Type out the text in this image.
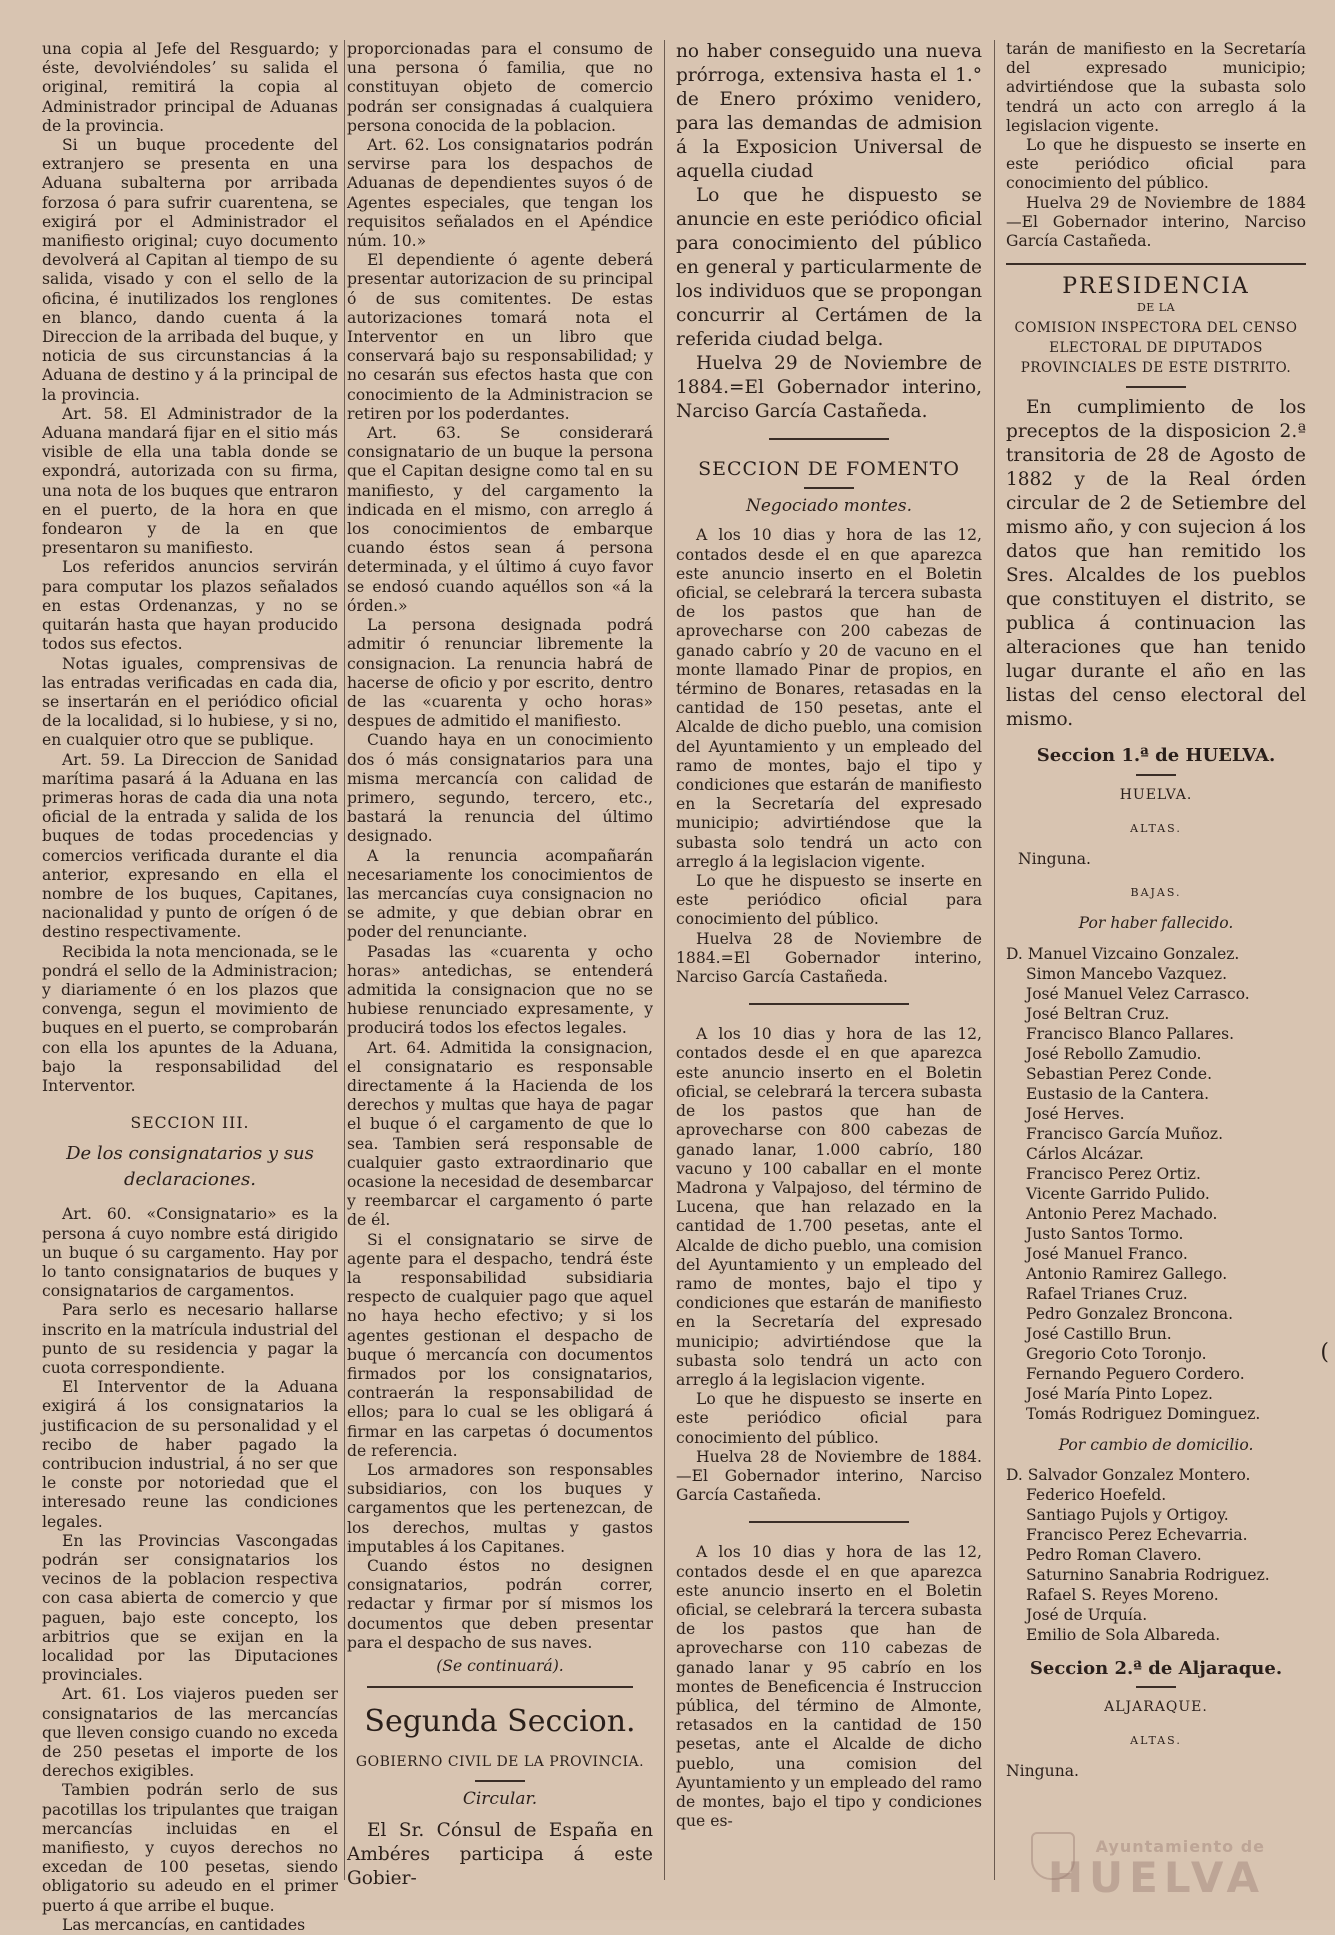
una copia al Jefe del Resguardo; y éste, devolviéndolesʼ su salida el original, remitirá la copia al Administrador principal de Aduanas de la provincia.

Si un buque procedente del extranjero se presenta en una Aduana subalterna por arribada forzosa ó para sufrir cuarentena, se exigirá por el Administrador el manifiesto original; cuyo documento devolverá al Capitan al tiempo de su salida, visado y con el sello de la oficina, é inutilizados los renglones en blanco, dando cuenta á la Direccion de la arribada del buque, y noticia de sus circunstancias á la Aduana de destino y á la principal de la provincia.

Art. 58. El Administrador de la Aduana mandará fijar en el sitio más visible de ella una tabla donde se expondrá, autorizada con su firma, una nota de los buques que entraron en el puerto, de la hora en que fondearon y de la en que presentaron su manifiesto.

Los referidos anuncios servirán para computar los plazos señalados en estas Ordenanzas, y no se quitarán hasta que hayan producido todos sus efectos.

Notas iguales, comprensivas de las entradas verificadas en cada dia, se insertarán en el periódico oficial de la localidad, si lo hubiese, y si no, en cualquier otro que se publique.

Art. 59. La Direccion de Sanidad marítima pasará á la Aduana en las primeras horas de cada dia una nota oficial de la entrada y salida de los buques de todas procedencias y comercios verificada durante el dia anterior, expresando en ella el nombre de los buques, Capitanes, nacionalidad y punto de orígen ó de destino respectivamente.

Recibida la nota mencionada, se le pondrá el sello de la Administracion; y diariamente ó en los plazos que convenga, segun el movimiento de buques en el puerto, se comprobarán con ella los apuntes de la Aduana, bajo la responsabilidad del Interventor.

SECCION III.
De los consignatarios y sus declaraciones.

Art. 60. «Consignatario» es la persona á cuyo nombre está dirigido un buque ó su cargamento. Hay por lo tanto consignatarios de buques y consignatarios de cargamentos.

Para serlo es necesario hallarse inscrito en la matrícula industrial del punto de su residencia y pagar la cuota correspondiente.

El Interventor de la Aduana exigirá á los consignatarios la justificacion de su personalidad y el recibo de haber pagado la contribucion industrial, á no ser que le conste por notoriedad que el interesado reune las condiciones legales.

En las Provincias Vascongadas podrán ser consignatarios los vecinos de la poblacion respectiva con casa abierta de comercio y que paguen, bajo este concepto, los arbitrios que se exijan en la localidad por las Diputaciones provinciales.

Art. 61. Los viajeros pueden ser consignatarios de las mercancías que lleven consigo cuando no exceda de 250 pesetas el importe de los derechos exigibles.

Tambien podrán serlo de sus pacotillas los tripulantes que traigan mercancías incluidas en el manifiesto, y cuyos derechos no excedan de 100 pesetas, siendo obligatorio su adeudo en el primer puerto á que arribe el buque.

Las mercancías, en cantidades

proporcionadas para el consumo de una persona ó familia, que no constituyan objeto de comercio podrán ser consignadas á cualquiera persona conocida de la poblacion.

Art. 62. Los consignatarios podrán servirse para los despachos de Aduanas de dependientes suyos ó de Agentes especiales, que tengan los requisitos señalados en el Apéndice núm. 10.»

El dependiente ó agente deberá presentar autorizacion de su principal ó de sus comitentes. De estas autorizaciones tomará nota el Interventor en un libro que conservará bajo su responsabilidad; y no cesarán sus efectos hasta que con conocimiento de la Administracion se retiren por los poderdantes.

Art. 63. Se considerará consignatario de un buque la persona que el Capitan designe como tal en su manifiesto, y del cargamento la indicada en el mismo, con arreglo á los conocimientos de embarque cuando éstos sean á persona determinada, y el último á cuyo favor se endosó cuando aquéllos son «á la órden.»

La persona designada podrá admitir ó renunciar libremente la consignacion. La renuncia habrá de hacerse de oficio y por escrito, dentro de las «cuarenta y ocho horas» despues de admitido el manifiesto.

Cuando haya en un conocimiento dos ó más consignatarios para una misma mercancía con calidad de primero, segundo, tercero, etc., bastará la renuncia del último designado.

A la renuncia acompañarán necesariamente los conocimientos de las mercancías cuya consignacion no se admite, y que debian obrar en poder del renunciante.

Pasadas las «cuarenta y ocho horas» antedichas, se entenderá admitida la consignacion que no se hubiese renunciado expresamente, y producirá todos los efectos legales.

Art. 64. Admitida la consignacion, el consignatario es responsable directamente á la Hacienda de los derechos y multas que haya de pagar el buque ó el cargamento de que lo sea. Tambien será responsable de cualquier gasto extraordinario que ocasione la necesidad de desembarcar y reembarcar el cargamento ó parte de él.

Si el consignatario se sirve de agente para el despacho, tendrá éste la responsabilidad subsidiaria respecto de cualquier pago que aquel no haya hecho efectivo; y si los agentes gestionan el despacho de buque ó mercancía con documentos firmados por los consignatarios, contraerán la responsabilidad de ellos; para lo cual se les obligará á firmar en las carpetas ó documentos de referencia.

Los armadores son responsables subsidiarios, con los buques y cargamentos que les pertenezcan, de los derechos, multas y gastos imputables á los Capitanes.

Cuando éstos no designen consignatarios, podrán correr, redactar y firmar por sí mismos los documentos que deben presentar para el despacho de sus naves.

(Se continuará).

Segunda Seccion.
GOBIERNO CIVIL DE LA PROVINCIA.
Circular.

El Sr. Cónsul de España en Ambéres participa á este Gobier-

no haber conseguido una nueva prórroga, extensiva hasta el 1.° de Enero próximo venidero, para las demandas de admision á la Exposicion Universal de aquella ciudad

Lo que he dispuesto se anuncie en este periódico oficial para conocimiento del público en general y particularmente de los individuos que se propongan concurrir al Certámen de la referida ciudad belga.

Huelva 29 de Noviembre de 1884.=El Gobernador interino, Narciso García Castañeda.

SECCION DE FOMENTO
Negociado montes.

A los 10 dias y hora de las 12, contados desde el en que aparezca este anuncio inserto en el Boletin oficial, se celebrará la tercera subasta de los pastos que han de aprovecharse con 200 cabezas de ganado cabrío y 20 de vacuno en el monte llamado Pinar de propios, en término de Bonares, retasadas en la cantidad de 150 pesetas, ante el Alcalde de dicho pueblo, una comision del Ayuntamiento y un empleado del ramo de montes, bajo el tipo y condiciones que estarán de manifiesto en la Secretaría del expresado municipio; advirtiéndose que la subasta solo tendrá un acto con arreglo á la legislacion vigente.

Lo que he dispuesto se inserte en este periódico oficial para conocimiento del público.

Huelva 28 de Noviembre de 1884.=El Gobernador interino, Narciso García Castañeda.

A los 10 dias y hora de las 12, contados desde el en que aparezca este anuncio inserto en el Boletin oficial, se celebrará la tercera subasta de los pastos que han de aprovecharse con 800 cabezas de ganado lanar, 1.000 cabrío, 180 vacuno y 100 caballar en el monte Madrona y Valpajoso, del término de Lucena, que han relazado en la cantidad de 1.700 pesetas, ante el Alcalde de dicho pueblo, una comision del Ayuntamiento y un empleado del ramo de montes, bajo el tipo y condiciones que estarán de manifiesto en la Secretaría del expresado municipio; advirtiéndose que la subasta solo tendrá un acto con arreglo á la legislacion vigente.

Lo que he dispuesto se inserte en este periódico oficial para conocimiento del público.

Huelva 28 de Noviembre de 1884. —El Gobernador interino, Narciso García Castañeda.

A los 10 dias y hora de las 12, contados desde el en que aparezca este anuncio inserto en el Boletin oficial, se celebrará la tercera subasta de los pastos que han de aprovecharse con 110 cabezas de ganado lanar y 95 cabrío en los montes de Beneficencia é Instruccion pública, del término de Almonte, retasados en la cantidad de 150 pesetas, ante el Alcalde de dicho pueblo, una comision del Ayuntamiento y un empleado del ramo de montes, bajo el tipo y condiciones que es-

tarán de manifiesto en la Secretaría del expresado municipio; advirtiéndose que la subasta solo tendrá un acto con arreglo á la legislacion vigente.

Lo que he dispuesto se inserte en este periódico oficial para conocimiento del público.

Huelva 29 de Noviembre de 1884 —El Gobernador interino, Narciso García Castañeda.

PRESIDENCIA
DE LA
COMISION INSPECTORA DEL CENSO ELECTORAL DE DIPUTADOS PROVINCIALES DE ESTE DISTRITO.

En cumplimiento de los preceptos de la disposicion 2.ª transitoria de 28 de Agosto de 1882 y de la Real órden circular de 2 de Setiembre del mismo año, y con sujecion á los datos que han remitido los Sres. Alcaldes de los pueblos que constituyen el distrito, se publica á continuacion las alteraciones que han tenido lugar durante el año en las listas del censo electoral del mismo.

Seccion 1.ª de HUELVA.
HUELVA.
ALTAS.

Ninguna.

BAJAS.
Por haber fallecido.
D. Manuel Vizcaino Gonzalez.
Simon Mancebo Vazquez.
José Manuel Velez Carrasco.
José Beltran Cruz.
Francisco Blanco Pallares.
José Rebollo Zamudio.
Sebastian Perez Conde.
Eustasio de la Cantera.
José Herves.
Francisco García Muñoz.
Cárlos Alcázar.
Francisco Perez Ortiz.
Vicente Garrido Pulido.
Antonio Perez Machado.
Justo Santos Tormo.
José Manuel Franco.
Antonio Ramirez Gallego.
Rafael Trianes Cruz.
Pedro Gonzalez Broncona.
José Castillo Brun.
Gregorio Coto Toronjo.
Fernando Peguero Cordero.
José María Pinto Lopez.
Tomás Rodriguez Dominguez.
Por cambio de domicilio.
D. Salvador Gonzalez Montero.
Federico Hoefeld.
Santiago Pujols y Ortigoy.
Francisco Perez Echevarria.
Pedro Roman Clavero.
Saturnino Sanabria Rodriguez.
Rafael S. Reyes Moreno.
José de Urquía.
Emilio de Sola Albareda.
Seccion 2.ª de Aljaraque.
ALJARAQUE.
ALTAS.

Ninguna.

(
Ayuntamiento de
HUELVA
